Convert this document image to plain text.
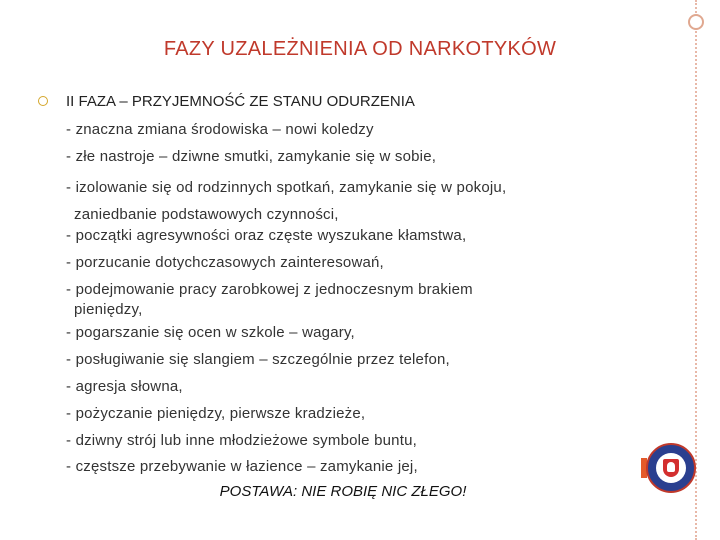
FAZY UZALEŻNIENIA OD NARKOTYKÓW
II FAZA – PRZYJEMNOŚĆ ZE STANU ODURZENIA
- znaczna zmiana środowiska – nowi koledzy
- złe nastroje – dziwne smutki, zamykanie się w sobie,
- izolowanie się od rodzinnych spotkań, zamykanie się w pokoju,
zaniedbanie podstawowych czynności,
- początki agresywności oraz częste wyszukane kłamstwa,
- porzucanie dotychczasowych zainteresowań,
- podejmowanie pracy zarobkowej z jednoczesnym brakiem
pieniędzy,
- pogarszanie się ocen w szkole – wagary,
- posługiwanie się slangiem – szczególnie przez telefon,
- agresja słowna,
- pożyczanie pieniędzy, pierwsze kradzieże,
- dziwny strój lub inne młodzieżowe symbole buntu,
- częstsze przebywanie w łazience – zamykanie jej,
POSTAWA: NIE ROBIĘ NIC ZŁEGO!
